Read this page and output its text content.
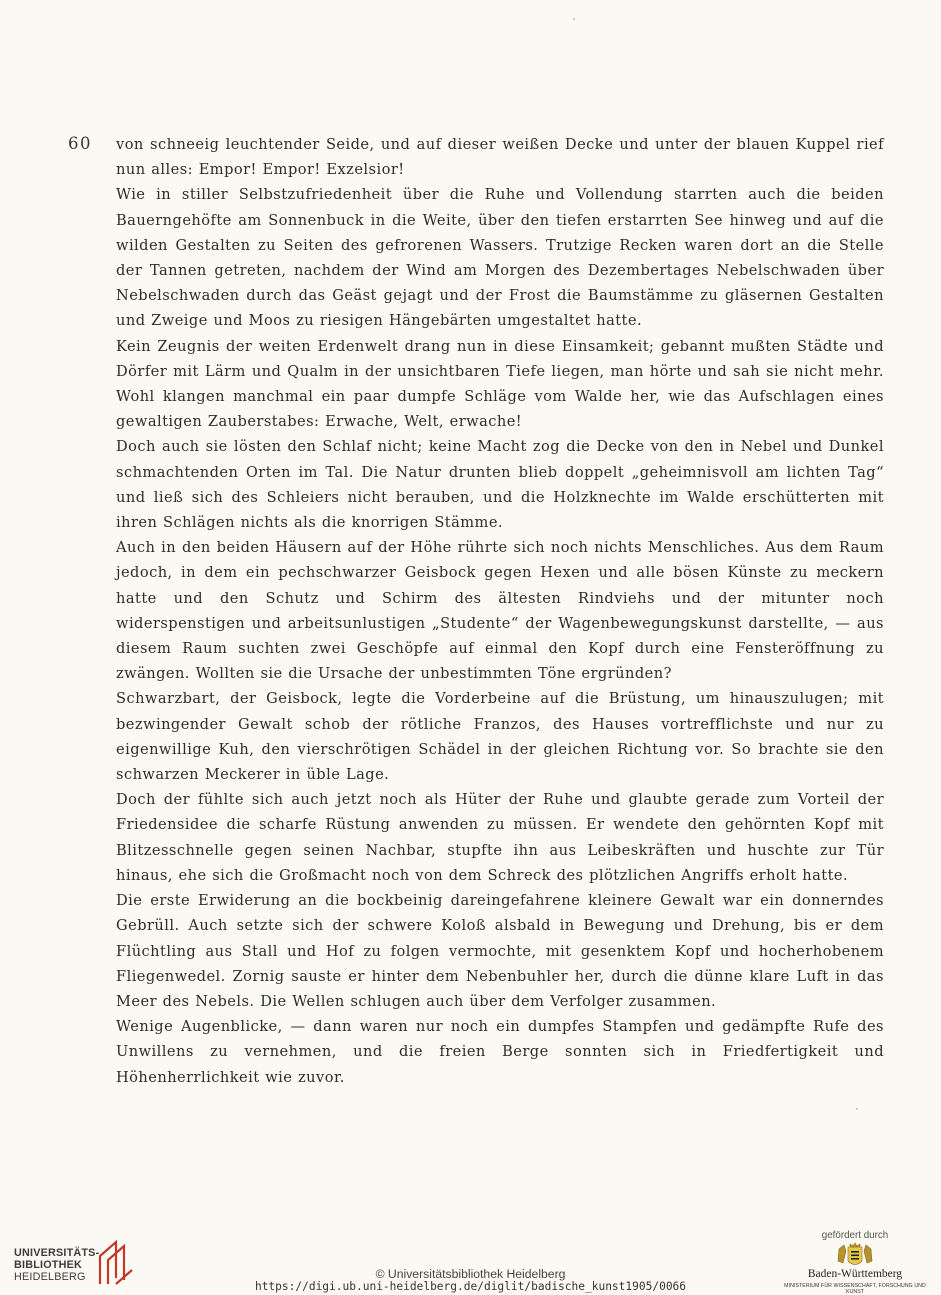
60 von schneeig leuchtender Seide, und auf dieser weißen Decke und unter der blauen Kuppel rief nun alles: Empor! Empor! Exzelsior!

Wie in stiller Selbstzufriedenheit über die Ruhe und Vollendung starrten auch die beiden Bauerngehöfte am Sonnenbuck in die Weite, über den tiefen erstarrten See hinweg und auf die wilden Gestalten zu Seiten des gefrorenen Wassers. Trutzige Recken waren dort an die Stelle der Tannen getreten, nachdem der Wind am Morgen des Dezembertages Nebelschwaden über Nebelschwaden durch das Geäst gejagt und der Frost die Baumstämme zu gläsernen Gestalten und Zweige und Moos zu riesigen Hängebärten umgestaltet hatte.

Kein Zeugnis der weiten Erdenwelt drang nun in diese Einsamkeit; gebannt mußten Städte und Dörfer mit Lärm und Qualm in der unsichtbaren Tiefe liegen, man hörte und sah sie nicht mehr. Wohl klangen manchmal ein paar dumpfe Schläge vom Walde her, wie das Aufschlagen eines gewaltigen Zauberstabes: Erwache, Welt, erwache!

Doch auch sie lösten den Schlaf nicht; keine Macht zog die Decke von den in Nebel und Dunkel schmachtenden Orten im Tal. Die Natur drunten blieb doppelt „geheimnisvoll am lichten Tag“ und ließ sich des Schleiers nicht berauben, und die Holzknechte im Walde erschütterten mit ihren Schlägen nichts als die knorrigen Stämme.

Auch in den beiden Häusern auf der Höhe rührte sich noch nichts Menschliches. Aus dem Raum jedoch, in dem ein pechschwarzer Geisbock gegen Hexen und alle bösen Künste zu meckern hatte und den Schutz und Schirm des ältesten Rindviehs und der mitunter noch widerspenstigen und arbeitsunlustigen „Studente“ der Wagenbewegungskunst darstellte, — aus diesem Raum suchten zwei Geschöpfe auf einmal den Kopf durch eine Fensteröffnung zu zwängen. Wollten sie die Ursache der unbestimmten Töne ergründen?

Schwarzbart, der Geisbock, legte die Vorderbeine auf die Brüstung, um hinauszulugen; mit bezwingender Gewalt schob der rötliche Franzos, des Hauses vortrefflichste und nur zu eigenwillige Kuh, den vierschrötigen Schädel in der gleichen Richtung vor. So brachte sie den schwarzen Meckerer in üble Lage.

Doch der fühlte sich auch jetzt noch als Hüter der Ruhe und glaubte gerade zum Vorteil der Friedensidee die scharfe Rüstung anwenden zu müssen. Er wendete den gehörnten Kopf mit Blitzesschnelle gegen seinen Nachbar, stupfte ihn aus Leibeskräften und huschte zur Tür hinaus, ehe sich die Großmacht noch von dem Schreck des plötzlichen Angriffs erholt hatte.

Die erste Erwiderung an die bockbeinig dareingefahrene kleinere Gewalt war ein donnerndes Gebrüll. Auch setzte sich der schwere Koloß alsbald in Bewegung und Drehung, bis er dem Flüchtling aus Stall und Hof zu folgen vermochte, mit gesenktem Kopf und hocherhobenem Fliegenwedel. Zornig sauste er hinter dem Nebenbuhler her, durch die dünne klare Luft in das Meer des Nebels. Die Wellen schlugen auch über dem Verfolger zusammen.

Wenige Augenblicke, — dann waren nur noch ein dumpfes Stampfen und gedämpfte Rufe des Unwillens zu vernehmen, und die freien Berge sonnten sich in Friedfertigkeit und Höhenherrlichkeit wie zuvor.

UNIVERSITÄTS-
BIBLIOTHEK
HEIDELBERG	© Universitätsbibliothek Heidelberg
https://digi.ub.uni-heidelberg.de/diglit/badische_kunst1905/0066
gefördert durch
Baden-Württemberg
MINISTERIUM FÜR WISSENSCHAFT, FORSCHUNG UND KUNST
